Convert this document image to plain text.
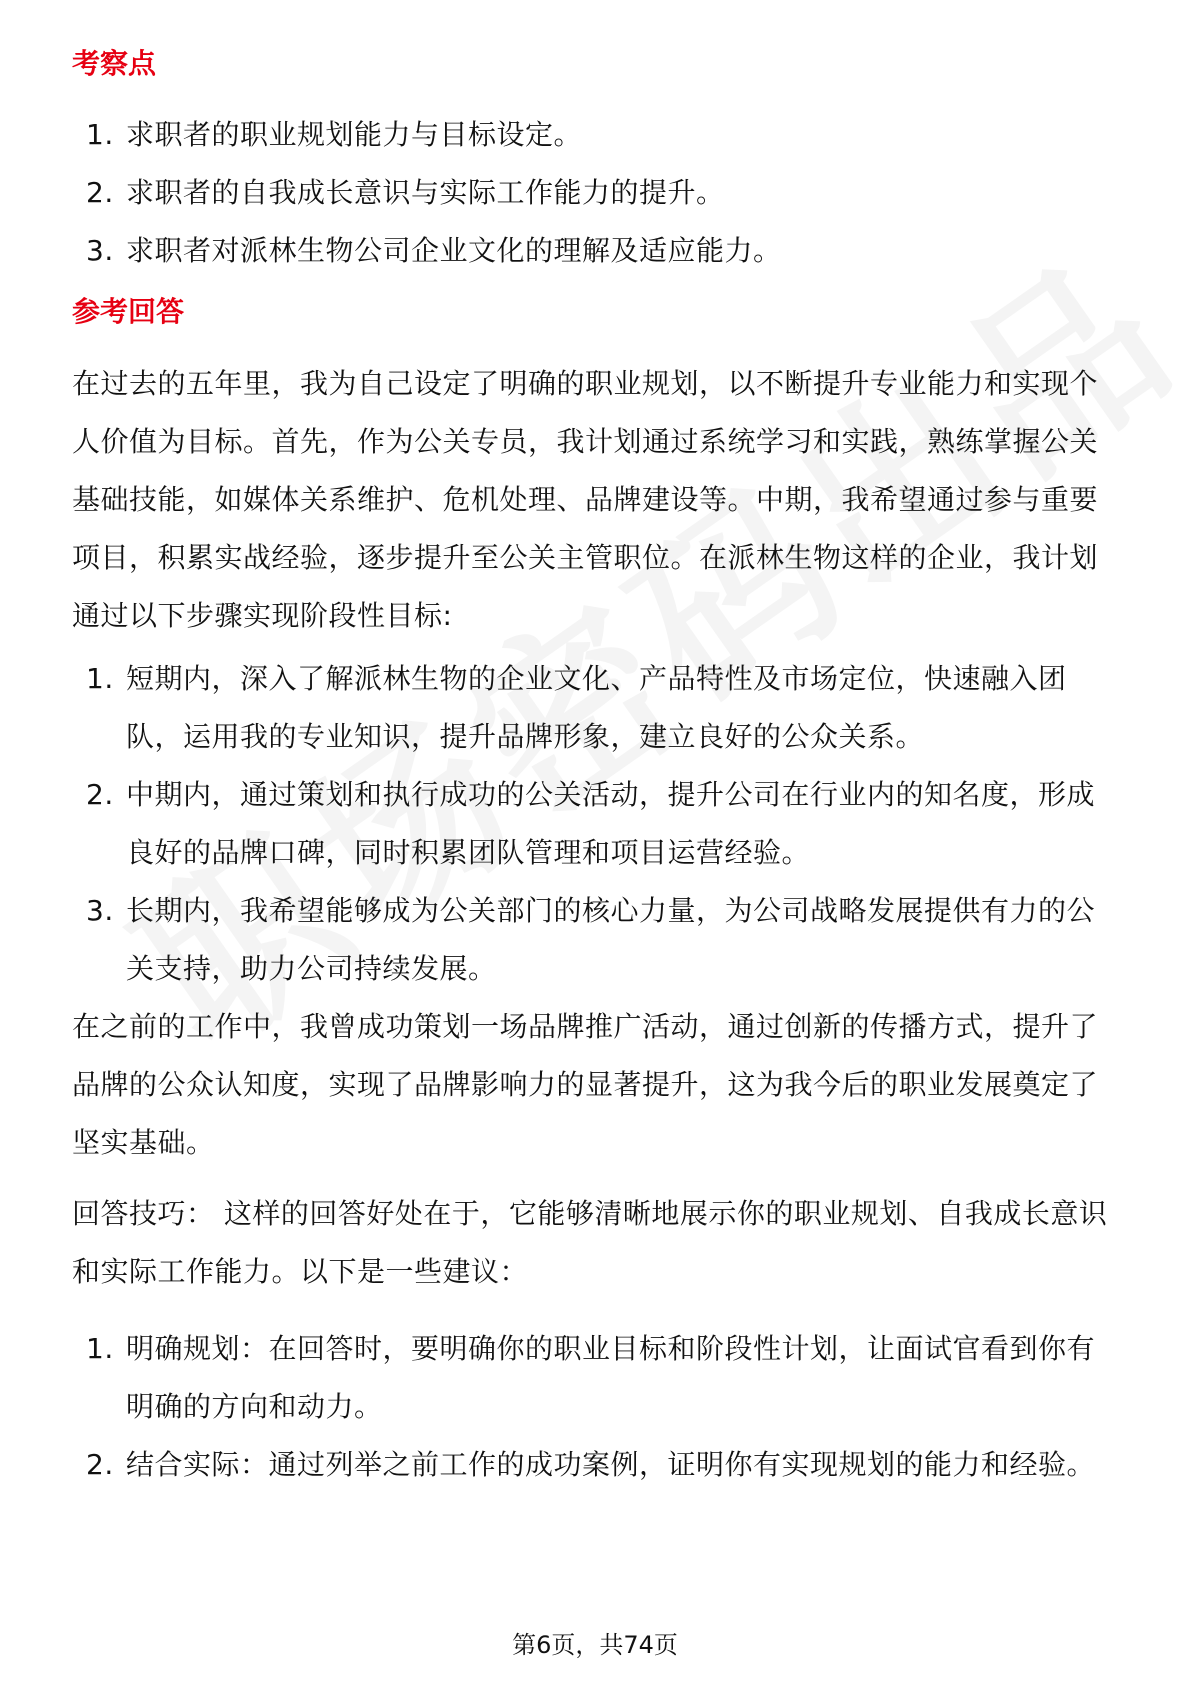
考察点
1. 求职者的职业规划能力与目标设定。
2. 求职者的自我成长意识与实际工作能力的提升。
3. 求职者对派林生物公司企业文化的理解及适应能力。
参考回答

在过去的五年里，我为自己设定了明确的职业规划，以不断提升专业能力和实现个人价值为目标。首先，作为公关专员，我计划通过系统学习和实践，熟练掌握公关基础技能，如媒体关系维护、危机处理、品牌建设等。中期，我希望通过参与重要项目，积累实战经验，逐步提升至公关主管职位。在派林生物这样的企业，我计划通过以下步骤实现阶段性目标:

1. 短期内，深入了解派林生物的企业文化、产品特性及市场定位，快速融入团队，运用我的专业知识，提升品牌形象，建立良好的公众关系。
2. 中期内，通过策划和执行成功的公关活动，提升公司在行业内的知名度，形成良好的品牌口碑，同时积累团队管理和项目运营经验。
3. 长期内，我希望能够成为公关部门的核心力量，为公司战略发展提供有力的公关支持，助力公司持续发展。

在之前的工作中，我曾成功策划一场品牌推广活动，通过创新的传播方式，提升了品牌的公众认知度，实现了品牌影响力的显著提升，这为我今后的职业发展奠定了坚实基础。

回答技巧： 这样的回答好处在于，它能够清晰地展示你的职业规划、自我成长意识和实际工作能力。以下是一些建议：

1. 明确规划：在回答时，要明确你的职业目标和阶段性计划，让面试官看到你有明确的方向和动力。
2. 结合实际：通过列举之前工作的成功案例，证明你有实现规划的能力和经验。
第6页，共74页
